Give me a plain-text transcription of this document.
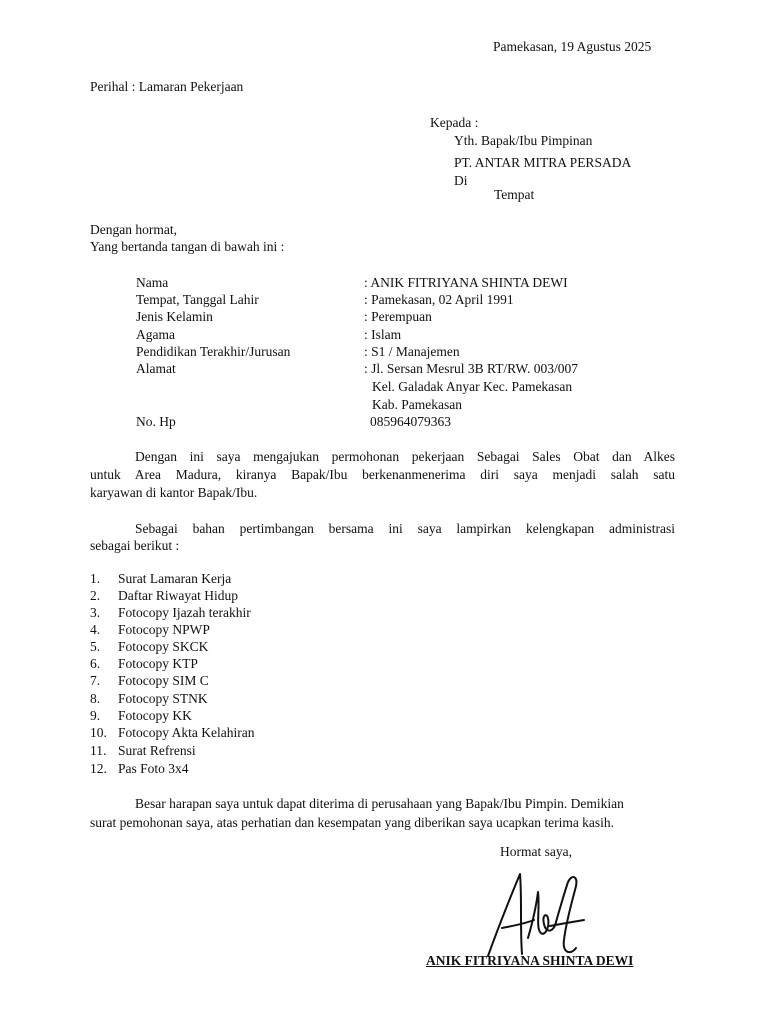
Pamekasan, 19 Agustus 2025
Perihal : Lamaran Pekerjaan
Kepada :
Yth. Bapak/Ibu Pimpinan
PT. ANTAR MITRA PERSADA
Di
Tempat
Dengan hormat,
Yang bertanda tangan di bawah ini :
Nama	: ANIK FITRIYANA SHINTA DEWI
Tempat, Tanggal Lahir	: Pamekasan, 02 April 1991
Jenis Kelamin	: Perempuan
Agama	: Islam
Pendidikan Terakhir/Jurusan	: S1 / Manajemen
Alamat	: Jl. Sersan Mesrul 3B RT/RW. 003/007
Kel. Galadak Anyar Kec. Pamekasan
Kab. Pamekasan
No. Hp	085964079363
Dengan ini saya mengajukan permohonan pekerjaan Sebagai Sales Obat dan Alkes
untuk Area Madura, kiranya Bapak/Ibu berkenanmenerima diri saya menjadi salah satu
karyawan di kantor Bapak/Ibu.
Sebagai bahan pertimbangan bersama ini saya lampirkan kelengkapan administrasi
sebagai berikut :
1. Surat Lamaran Kerja
2. Daftar Riwayat Hidup
3. Fotocopy Ijazah terakhir
4. Fotocopy NPWP
5. Fotocopy SKCK
6. Fotocopy KTP
7. Fotocopy SIM C
8. Fotocopy STNK
9. Fotocopy KK
10. Fotocopy Akta Kelahiran
11. Surat Refrensi
12. Pas Foto 3x4
Besar harapan saya untuk dapat diterima di perusahaan yang Bapak/Ibu Pimpin. Demikian
surat pemohonan saya, atas perhatian dan kesempatan yang diberikan saya ucapkan terima kasih.
Hormat saya,
ANIK FITRIYANA SHINTA DEWI
